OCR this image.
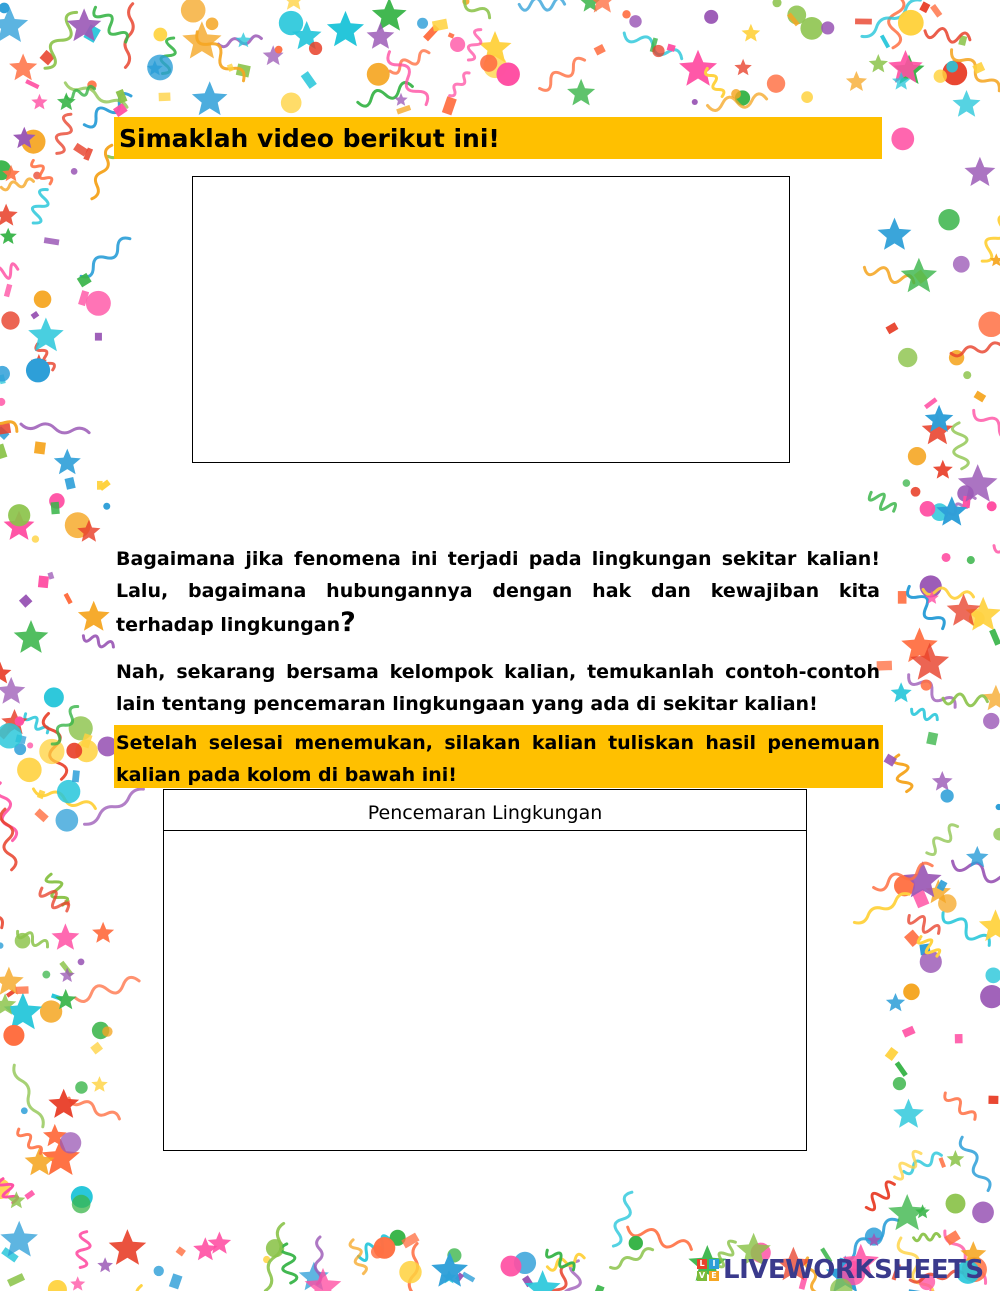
Simaklah video berikut ini!
Bagaimana jika fenomena ini terjadi pada lingkungan sekitar kalian! Lalu, bagaimana hubungannya dengan hak dan kewajiban kita terhadap lingkungan?
Nah, sekarang bersama kelompok kalian, temukanlah contoh-contoh lain tentang pencemaran lingkungaan yang ada di sekitar kalian!
Setelah selesai menemukan, silakan kalian tuliskan hasil penemuan kalian pada kolom di bawah ini!
Pencemaran Lingkungan
L I
V E LIVEWORKSHEETS
